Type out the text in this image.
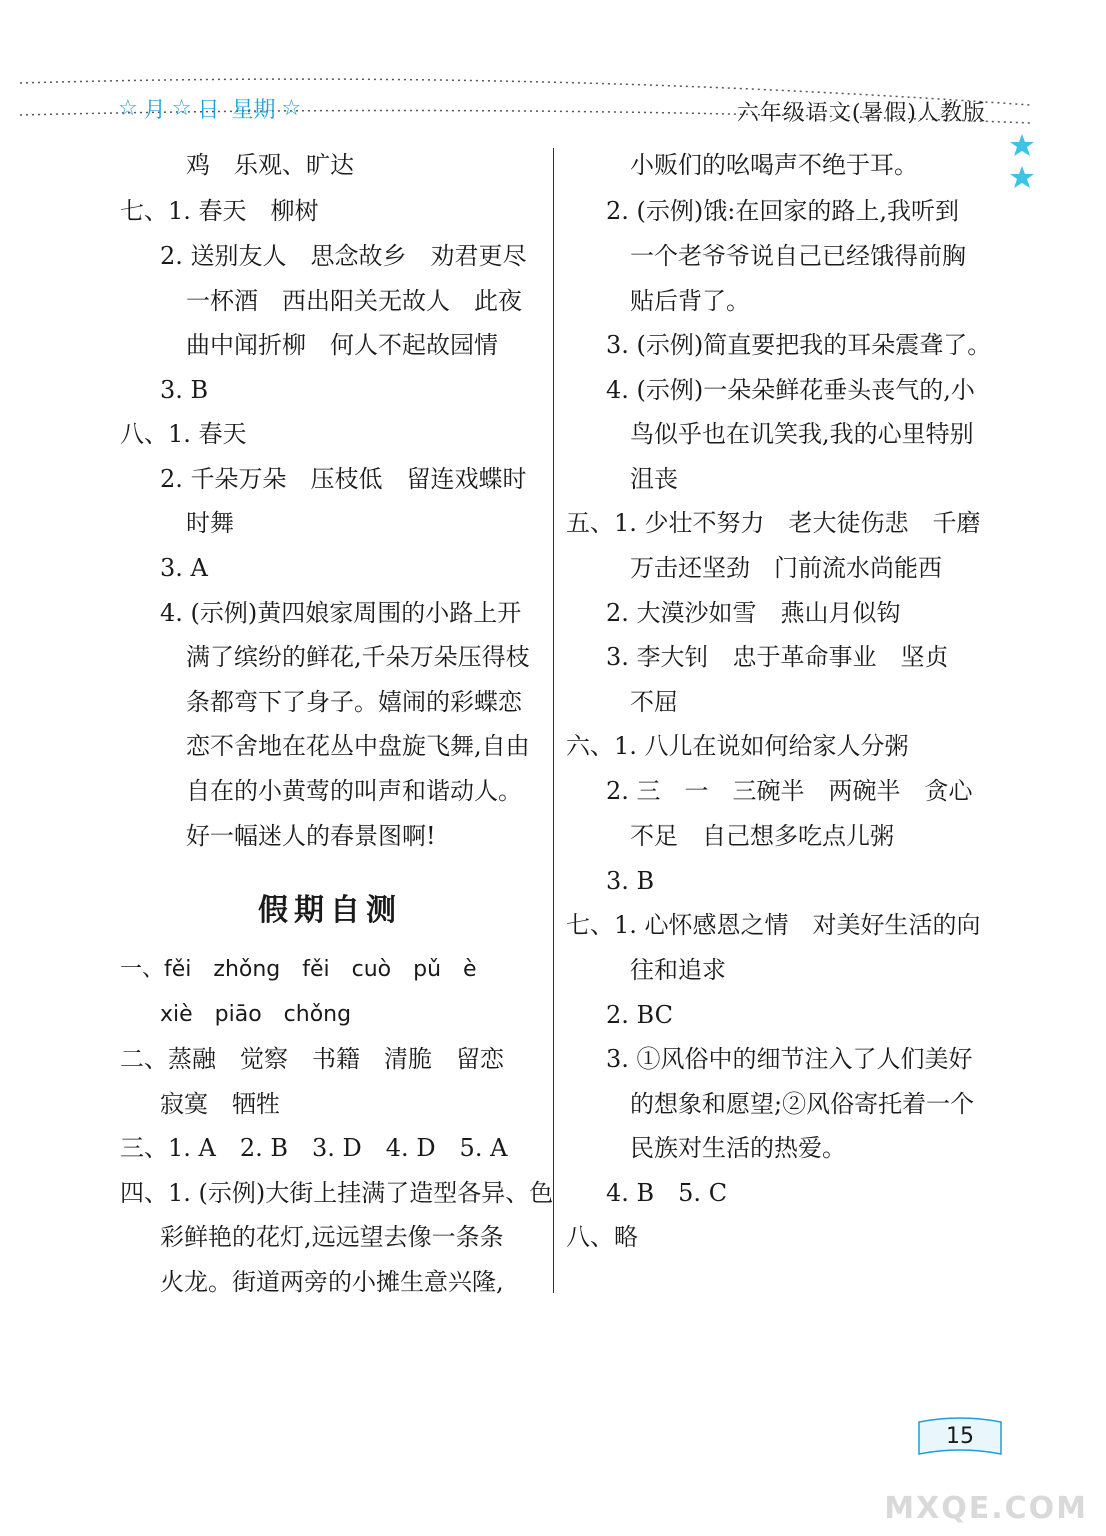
☆ 月 ☆ 日 星期 ☆	六年级语文(暑假)人教版
鸡　乐观、旷达
七、1. 春天　柳树
2. 送别友人　思念故乡　劝君更尽
一杯酒　西出阳关无故人　此夜
曲中闻折柳　何人不起故园情
3. B
八、1. 春天
2. 千朵万朵　压枝低　留连戏蝶时
时舞
3. A
4. (示例)黄四娘家周围的小路上开
满了缤纷的鲜花,千朵万朵压得枝
条都弯下了身子。嬉闹的彩蝶恋
恋不舍地在花丛中盘旋飞舞,自由
自在的小黄莺的叫声和谐动人。
好一幅迷人的春景图啊!
假期自测
一、fěi　zhǒng　fěi　cuò　pǔ　è
xiè　piāo　chǒng
二、蒸融　觉察　书籍　清脆　留恋
寂寞　牺牲
三、1. A　2. B　3. D　4. D　5. A
四、1. (示例)大街上挂满了造型各异、色
彩鲜艳的花灯,远远望去像一条条
火龙。街道两旁的小摊生意兴隆,
小贩们的吆喝声不绝于耳。
2. (示例)饿:在回家的路上,我听到
一个老爷爷说自己已经饿得前胸
贴后背了。
3. (示例)简直要把我的耳朵震聋了。
4. (示例)一朵朵鲜花垂头丧气的,小
鸟似乎也在讥笑我,我的心里特别
沮丧
五、1. 少壮不努力　老大徒伤悲　千磨
万击还坚劲　门前流水尚能西
2. 大漠沙如雪　燕山月似钩
3. 李大钊　忠于革命事业　坚贞
不屈
六、1. 八儿在说如何给家人分粥
2. 三　一　三碗半　两碗半　贪心
不足　自己想多吃点儿粥
3. B
七、1. 心怀感恩之情　对美好生活的向
往和追求
2. BC
3. ①风俗中的细节注入了人们美好
的想象和愿望;②风俗寄托着一个
民族对生活的热爱。
4. B　5. C
八、略
15
MXQE.COM
